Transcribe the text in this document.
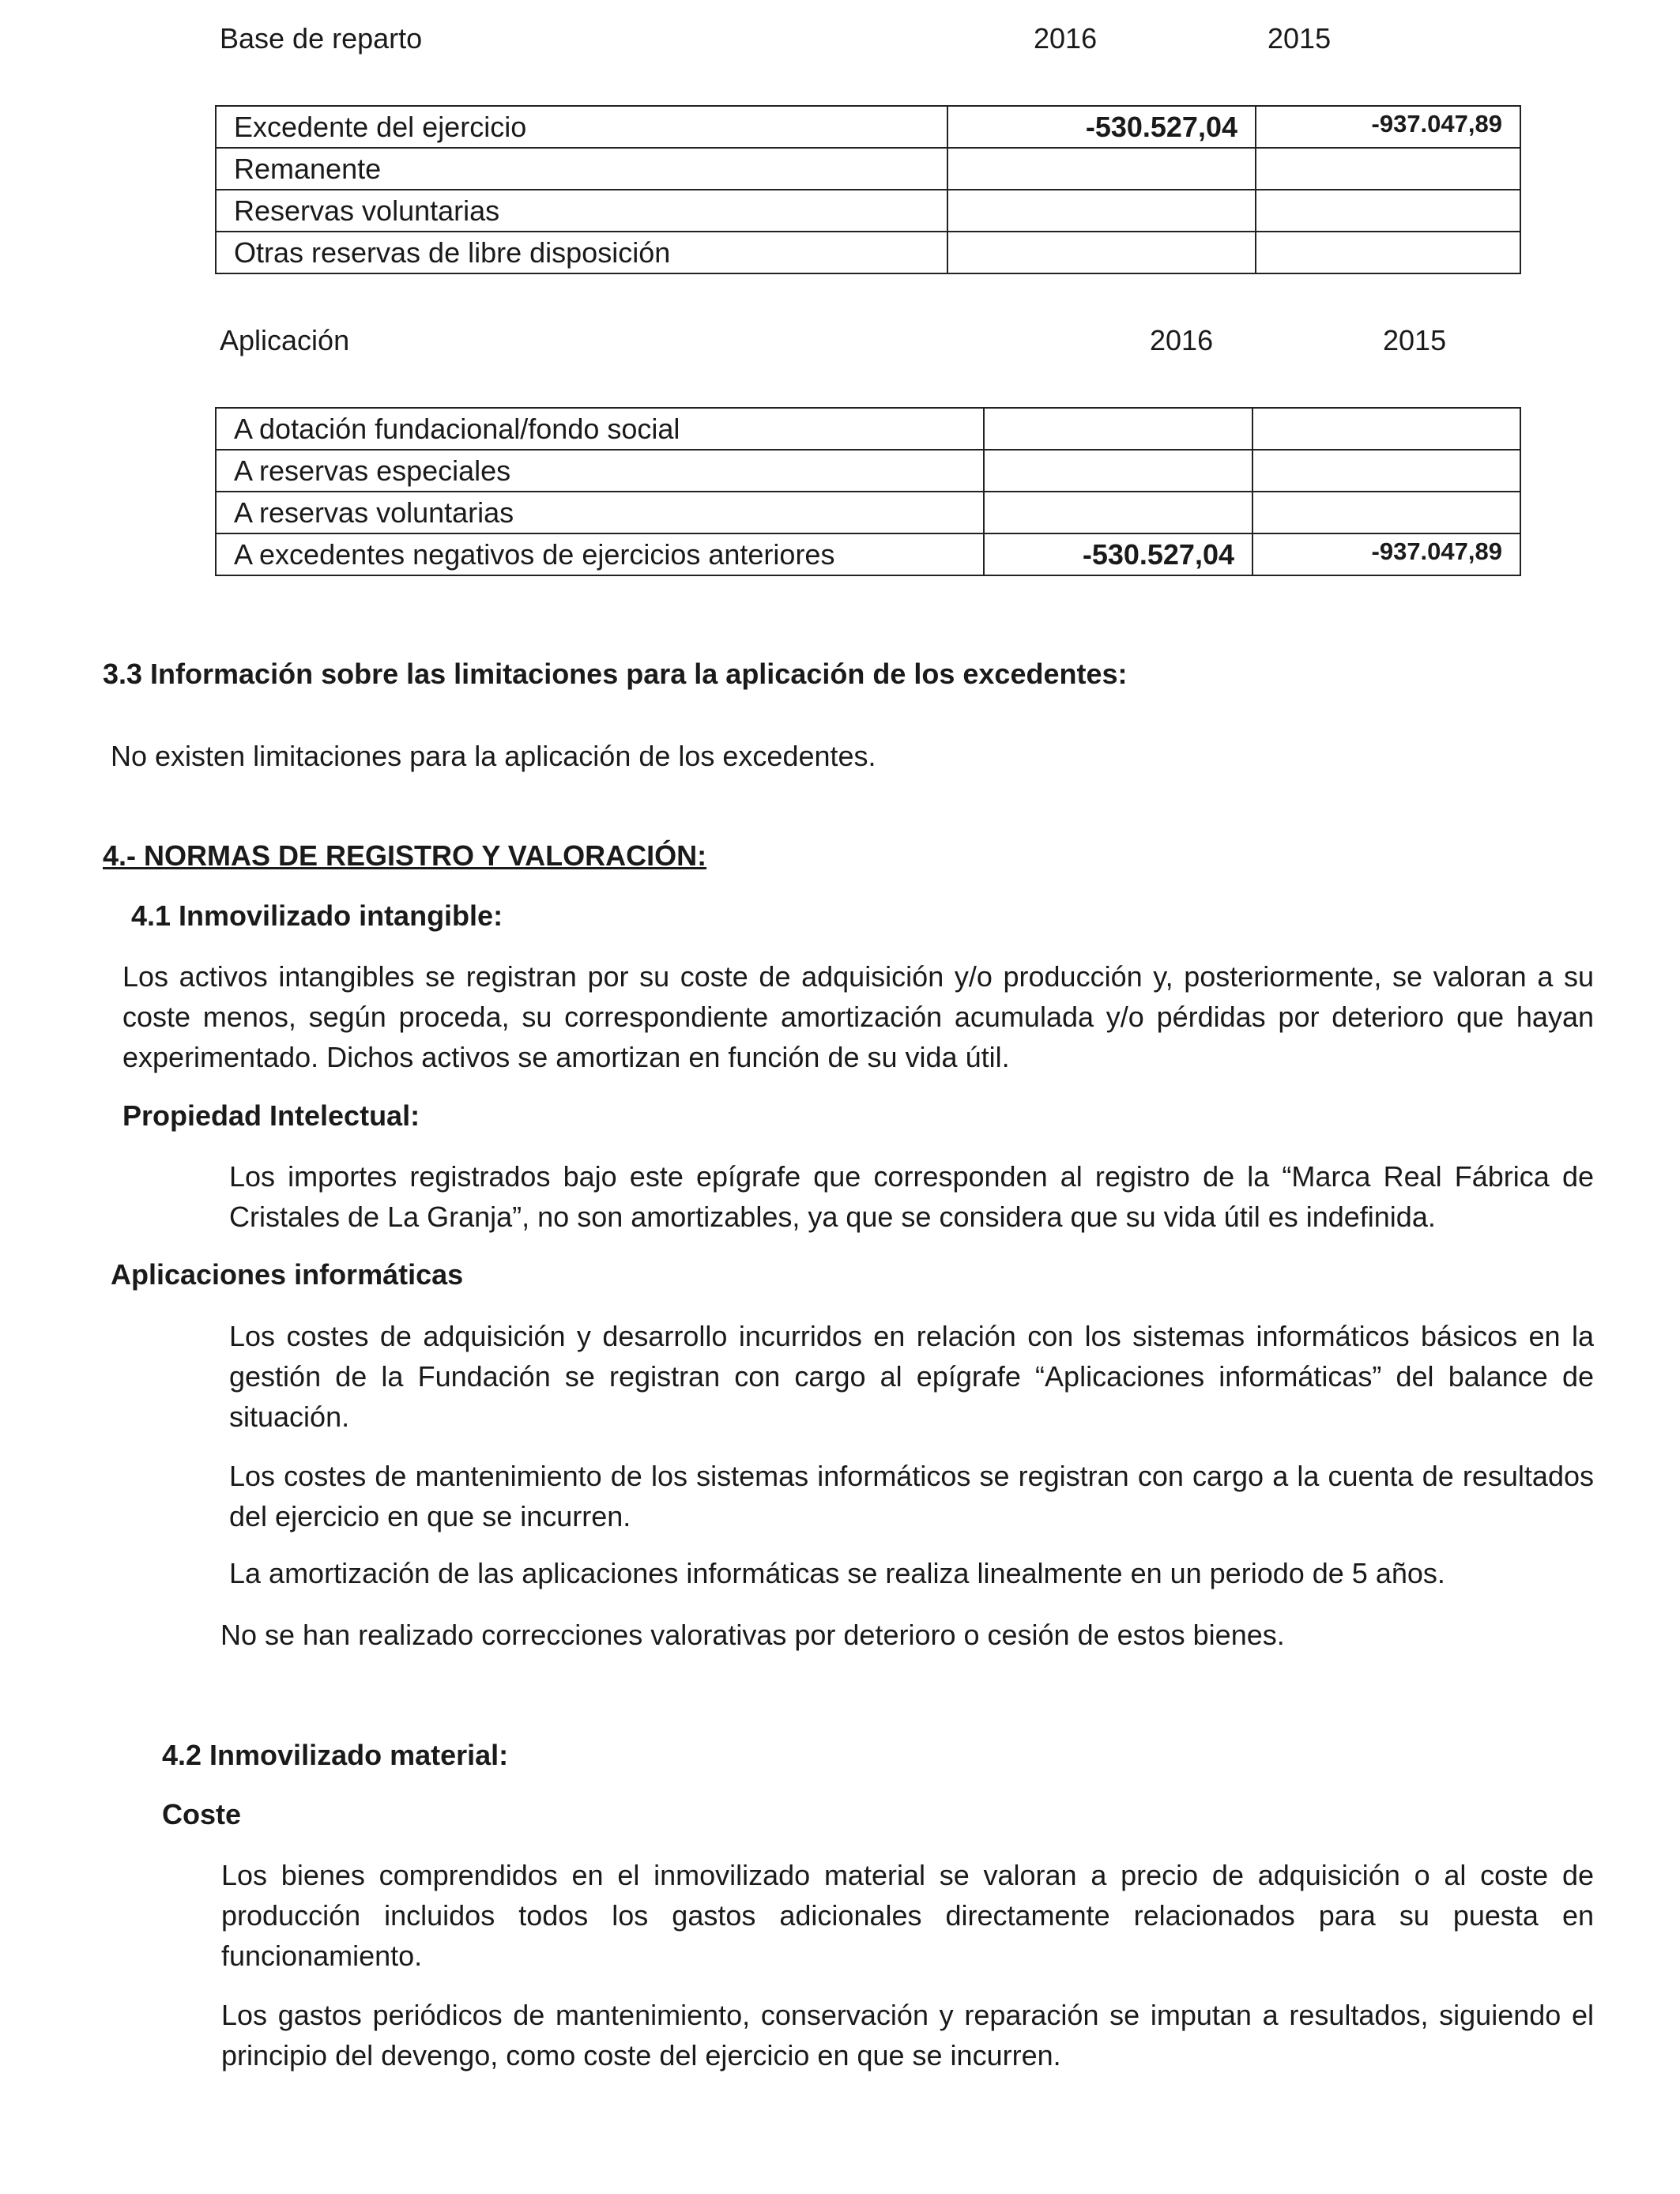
Base de reparto	2016	2015
Excedente del ejercicio	-530.527,04	-937.047,89
Remanente		
Reservas voluntarias		
Otras reservas de libre disposición		
Aplicación	2016	2015
A dotación fundacional/fondo social		
A reservas especiales		
A reservas voluntarias		
A excedentes negativos de ejercicios anteriores	-530.527,04	-937.047,89
3.3 Información sobre las limitaciones para la aplicación de los excedentes:
No existen limitaciones para la aplicación de los excedentes.
4.- NORMAS DE REGISTRO Y VALORACIÓN:
4.1 Inmovilizado intangible:
Los activos intangibles se registran por su coste de adquisición y/o producción y, posteriormente, se valoran a su coste menos, según proceda, su correspondiente amortización acumulada y/o pérdidas por deterioro que hayan experimentado. Dichos activos se amortizan en función de su vida útil.
Propiedad Intelectual:
Los importes registrados bajo este epígrafe que corresponden al registro de la “Marca Real Fábrica de Cristales de La Granja”, no son amortizables, ya que se considera que su vida útil es indefinida.
Aplicaciones informáticas
Los costes de adquisición y desarrollo incurridos en relación con los sistemas informáticos básicos en la gestión de la Fundación se registran con cargo al epígrafe “Aplicaciones informáticas” del balance de situación.
Los costes de mantenimiento de los sistemas informáticos se registran con cargo a la cuenta de resultados del ejercicio en que se incurren.
La amortización de las aplicaciones informáticas se realiza linealmente en un periodo de 5 años.
No se han realizado correcciones valorativas por deterioro o cesión de estos bienes.
4.2 Inmovilizado material:
Coste
Los bienes comprendidos en el inmovilizado material se valoran a precio de adquisición o al coste de producción incluidos todos los gastos adicionales directamente relacionados para su puesta en funcionamiento.
Los gastos periódicos de mantenimiento, conservación y reparación se imputan a resultados, siguiendo el principio del devengo, como coste del ejercicio en que se incurren.
